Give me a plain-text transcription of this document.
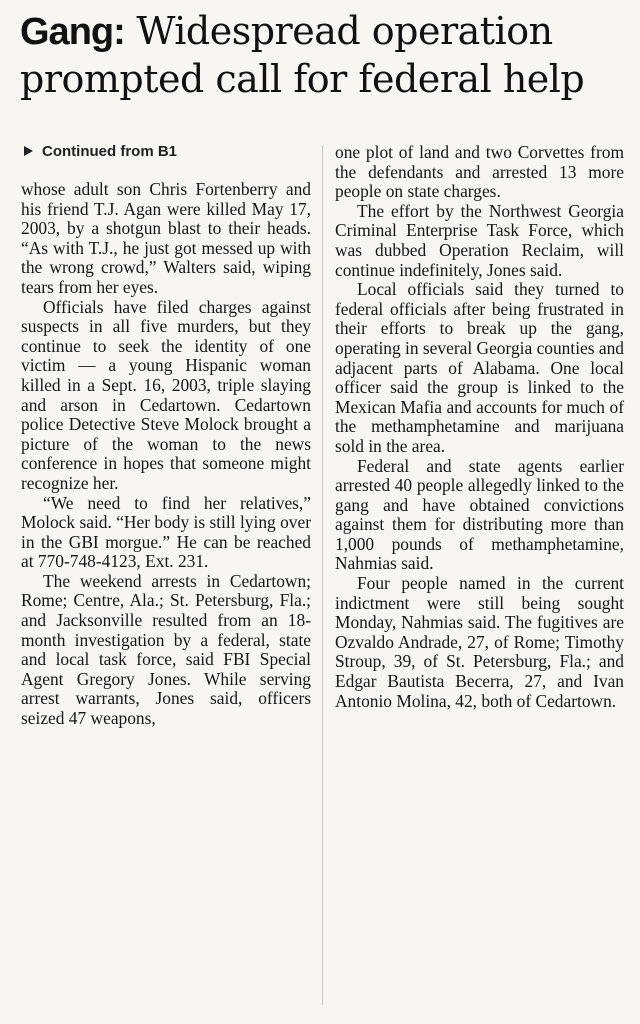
Gang: Widespread operation prompted call for federal help
Continued from B1

whose adult son Chris Fortenberry and his friend T.J. Agan were killed May 17, 2003, by a shotgun blast to their heads. “As with T.J., he just got messed up with the wrong crowd,” Walters said, wiping tears from her eyes.

Officials have filed charges against suspects in all five murders, but they continue to seek the identity of one victim — a young Hispanic woman killed in a Sept. 16, 2003, triple slaying and arson in Cedartown. Cedartown police Detective Steve Molock brought a picture of the woman to the news conference in hopes that someone might recognize her.

“We need to find her relatives,” Molock said. “Her body is still lying over in the GBI morgue.” He can be reached at 770-748-4123, Ext. 231.

The weekend arrests in Cedartown; Rome; Centre, Ala.; St. Petersburg, Fla.; and Jacksonville resulted from an 18-month investigation by a federal, state and local task force, said FBI Special Agent Gregory Jones. While serving arrest warrants, Jones said, officers seized 47 weapons,

one plot of land and two Corvettes from the defendants and arrested 13 more people on state charges.

The effort by the Northwest Georgia Criminal Enterprise Task Force, which was dubbed Operation Reclaim, will continue indefinitely, Jones said.

Local officials said they turned to federal officials after being frustrated in their efforts to break up the gang, operating in several Georgia counties and adjacent parts of Alabama. One local officer said the group is linked to the Mexican Mafia and accounts for much of the methamphetamine and marijuana sold in the area.

Federal and state agents earlier arrested 40 people allegedly linked to the gang and have obtained convictions against them for distributing more than 1,000 pounds of methamphetamine, Nahmias said.

Four people named in the current indictment were still being sought Monday, Nahmias said. The fugitives are Ozvaldo Andrade, 27, of Rome; Timothy Stroup, 39, of St. Petersburg, Fla.; and Edgar Bautista Becerra, 27, and Ivan Antonio Molina, 42, both of Cedartown.
